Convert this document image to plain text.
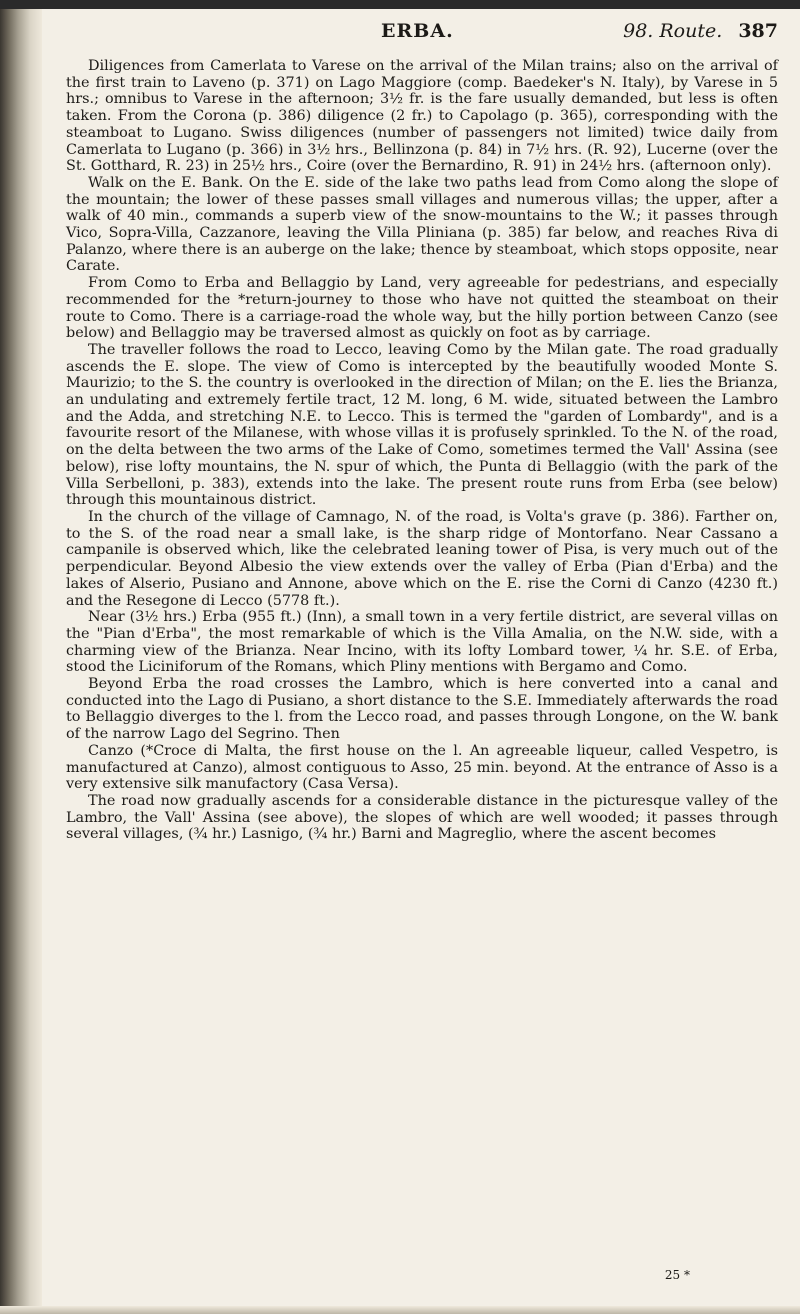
ERBA.	98. Route. 387

Diligences from Camerlata to Varese on the arrival of the Milan trains; also on the arrival of the first train to Laveno (p. 371) on Lago Maggiore (comp. Baedeker's N. Italy), by Varese in 5 hrs.; omnibus to Varese in the afternoon; 3½ fr. is the fare usually demanded, but less is often taken. From the Corona (p. 386) diligence (2 fr.) to Capolago (p. 365), corresponding with the steamboat to Lugano. Swiss diligences (number of passengers not limited) twice daily from Camerlata to Lugano (p. 366) in 3½ hrs., Bellinzona (p. 84) in 7½ hrs. (R. 92), Lucerne (over the St. Gotthard, R. 23) in 25½ hrs., Coire (over the Bernardino, R. 91) in 24½ hrs. (afternoon only).

Walk on the E. Bank. On the E. side of the lake two paths lead from Como along the slope of the mountain; the lower of these passes small villages and numerous villas; the upper, after a walk of 40 min., commands a superb view of the snow-mountains to the W.; it passes through Vico, Sopra-Villa, Cazzanore, leaving the Villa Pliniana (p. 385) far below, and reaches Riva di Palanzo, where there is an auberge on the lake; thence by steamboat, which stops opposite, near Carate.

From Como to Erba and Bellaggio by Land, very agreeable for pedestrians, and especially recommended for the *return-journey to those who have not quitted the steamboat on their route to Como. There is a carriage-road the whole way, but the hilly portion between Canzo (see below) and Bellaggio may be traversed almost as quickly on foot as by carriage.

The traveller follows the road to Lecco, leaving Como by the Milan gate. The road gradually ascends the E. slope. The view of Como is intercepted by the beautifully wooded Monte S. Maurizio; to the S. the country is overlooked in the direction of Milan; on the E. lies the Brianza, an undulating and extremely fertile tract, 12 M. long, 6 M. wide, situated between the Lambro and the Adda, and stretching N.E. to Lecco. This is termed the "garden of Lombardy", and is a favourite resort of the Milanese, with whose villas it is profusely sprinkled. To the N. of the road, on the delta between the two arms of the Lake of Como, sometimes termed the Vall' Assina (see below), rise lofty mountains, the N. spur of which, the Punta di Bellaggio (with the park of the Villa Serbelloni, p. 383), extends into the lake. The present route runs from Erba (see below) through this mountainous district.

In the church of the village of Camnago, N. of the road, is Volta's grave (p. 386). Farther on, to the S. of the road near a small lake, is the sharp ridge of Montorfano. Near Cassano a campanile is observed which, like the celebrated leaning tower of Pisa, is very much out of the perpendicular. Beyond Albesio the view extends over the valley of Erba (Pian d'Erba) and the lakes of Alserio, Pusiano and Annone, above which on the E. rise the Corni di Canzo (4230 ft.) and the Resegone di Lecco (5778 ft.).

Near (3½ hrs.) Erba (955 ft.) (Inn), a small town in a very fertile district, are several villas on the "Pian d'Erba", the most remarkable of which is the Villa Amalia, on the N.W. side, with a charming view of the Brianza. Near Incino, with its lofty Lombard tower, ¼ hr. S.E. of Erba, stood the Liciniforum of the Romans, which Pliny mentions with Bergamo and Como.

Beyond Erba the road crosses the Lambro, which is here converted into a canal and conducted into the Lago di Pusiano, a short distance to the S.E. Immediately afterwards the road to Bellaggio diverges to the l. from the Lecco road, and passes through Longone, on the W. bank of the narrow Lago del Segrino. Then

Canzo (*Croce di Malta, the first house on the l. An agreeable liqueur, called Vespetro, is manufactured at Canzo), almost contiguous to Asso, 25 min. beyond. At the entrance of Asso is a very extensive silk manufactory (Casa Versa).

The road now gradually ascends for a considerable distance in the picturesque valley of the Lambro, the Vall' Assina (see above), the slopes of which are well wooded; it passes through several villages, (¾ hr.) Lasnigo, (¾ hr.) Barni and Magreglio, where the ascent becomes

25 *
